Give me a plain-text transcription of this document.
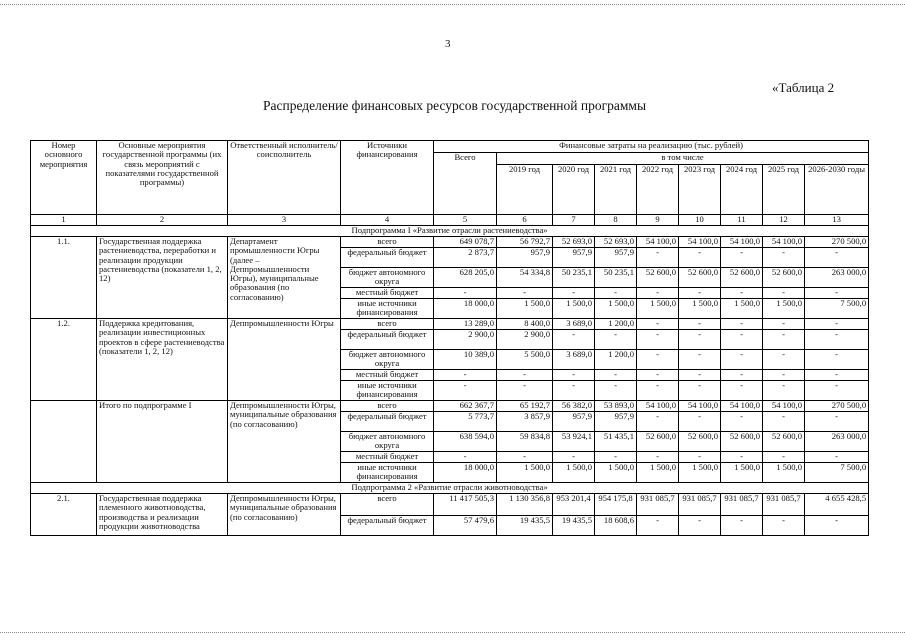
3
«Таблица 2
Распределение финансовых ресурсов государственной программы
Номер основного мероприятия	Основные мероприятия государственной программы (их связь мероприятий с показателями государственной программы)	Ответственный исполнитель/ соисполнитель	Источники финансирования	Финансовые затраты на реализацию (тыс. рублей)								
				Всего	в том числе							
					2019 год	2020 год	2021 год	2022 год	2023 год	2024 год	2025 год	2026-2030 годы
1	2	3	4	5	6	7	8	9	10	11	12	13
Подпрограмма I «Развитие отрасли растениеводства»												
1.1.	Государственная поддержка растениеводства, переработки и реализации продукции растениеводства (показатели 1, 2, 12)	Департамент промышленности Югры (далее – Деппромышленности Югры), муниципальные образования (по согласованию)	всего	649 078,7	56 792,7	52 693,0	52 693,0	54 100,0	54 100,0	54 100,0	54 100,0	270 500,0
			федеральный бюджет	2 873,7	957,9	957,9	957,9	-	-	-	-	-
			бюджет автономного округа	628 205,0	54 334,8	50 235,1	50 235,1	52 600,0	52 600,0	52 600,0	52 600,0	263 000,0
			местный бюджет	-	-	-	-	-	-	-	-	-
			иные источники финансирования	18 000,0	1 500,0	1 500,0	1 500,0	1 500,0	1 500,0	1 500,0	1 500,0	7 500,0
1.2.	Поддержка кредитования, реализации инвестиционных проектов в сфере растениеводства (показатели 1, 2, 12)	Деппромышленности Югры	всего	13 289,0	8 400,0	3 689,0	1 200,0	-	-	-	-	-
			федеральный бюджет	2 900,0	2 900,0	-	-	-	-	-	-	-
			бюджет автономного округа	10 389,0	5 500,0	3 689,0	1 200,0	-	-	-	-	-
			местный бюджет	-	-	-	-	-	-	-	-	-
			иные источники финансирования	-	-	-	-	-	-	-	-	-
	Итого по подпрограмме I	Деппромышленности Югры, муниципальные образования (по согласованию)	всего	662 367,7	65 192,7	56 382,0	53 893,0	54 100,0	54 100,0	54 100,0	54 100,0	270 500,0
			федеральный бюджет	5 773,7	3 857,9	957,9	957,9	-	-	-	-	-
			бюджет автономного округа	638 594,0	59 834,8	53 924,1	51 435,1	52 600,0	52 600,0	52 600,0	52 600,0	263 000,0
			местный бюджет	-	-	-	-	-	-	-	-	-
			иные источники финансирования	18 000,0	1 500,0	1 500,0	1 500,0	1 500,0	1 500,0	1 500,0	1 500,0	7 500,0
Подпрограмма 2 «Развитие отрасли животноводства»												
2.1.	Государственная поддержка племенного животноводства, производства и реализации продукции животноводства	Деппромышленности Югры, муниципальные образования (по согласованию)	всего	11 417 505,3	1 130 356,8	953 201,4	954 175,8	931 085,7	931 085,7	931 085,7	931 085,7	4 655 428,5
			федеральный бюджет	57 479,6	19 435,5	19 435,5	18 608,6	-	-	-	-	-
